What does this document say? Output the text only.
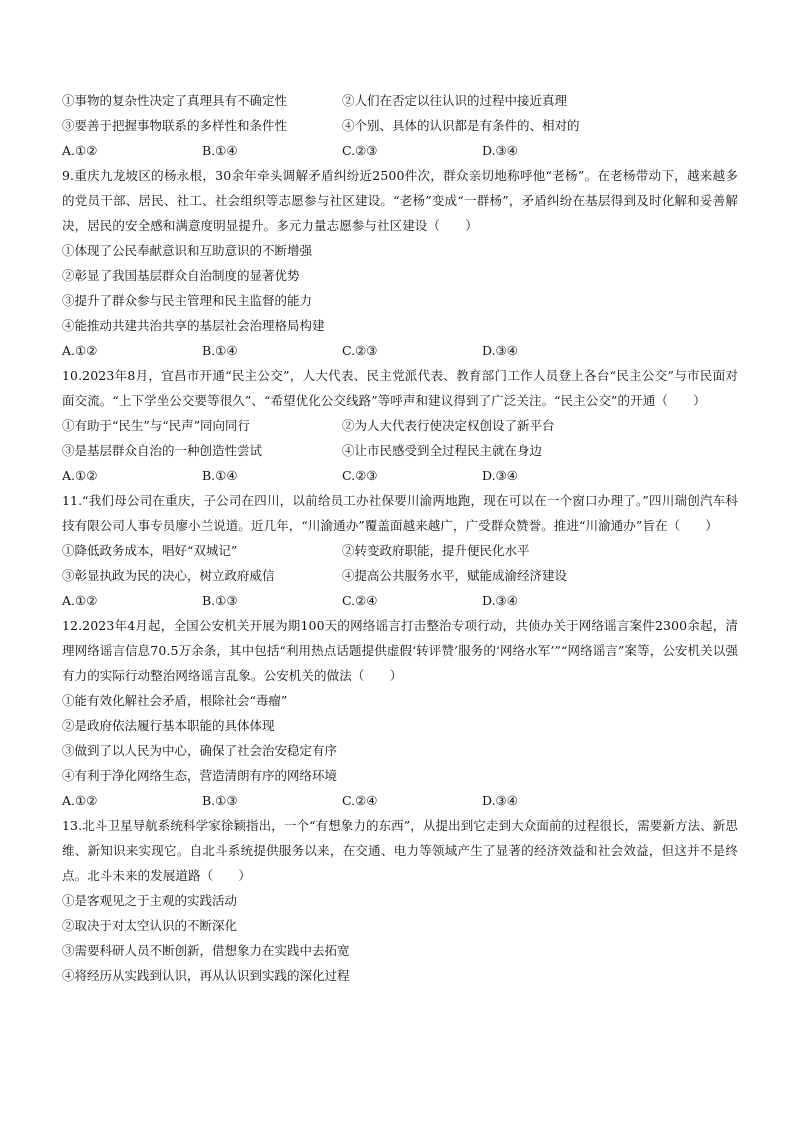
①事物的复杂性决定了真理具有不确定性	②人们在否定以往认识的过程中接近真理
③要善于把握事物联系的多样性和条件性	④个别、具体的认识都是有条件的、相对的
A.①②	B.①④	C.②③	D.③④
9.重庆九龙坡区的杨永根，30余年牵头调解矛盾纠纷近2500件次，群众亲切地称呼他“老杨”。在老杨带动下，越来越多的党员干部、居民、社工、社会组织等志愿参与社区建设。“老杨”变成“一群杨”，矛盾纠纷在基层得到及时化解和妥善解决，居民的安全感和满意度明显提升。多元力量志愿参与社区建设（　　）
①体现了公民奉献意识和互助意识的不断增强
②彰显了我国基层群众自治制度的显著优势
③提升了群众参与民主管理和民主监督的能力
④能推动共建共治共享的基层社会治理格局构建
A.①②	B.①④	C.②③	D.③④
10.2023年8月，宜昌市开通“民主公交”，人大代表、民主党派代表、教育部门工作人员登上各台“民主公交”与市民面对面交流。“上下学坐公交要等很久”、“希望优化公交线路”等呼声和建议得到了广泛关注。“民主公交”的开通（　　）
①有助于“民生”与“民声”同向同行	②为人大代表行使决定权创设了新平台
③是基层群众自治的一种创造性尝试	④让市民感受到全过程民主就在身边
A.①②	B.①④	C.②③	D.③④
11.“我们母公司在重庆，子公司在四川，以前给员工办社保要川渝两地跑，现在可以在一个窗口办理了。”四川瑞创汽车科技有限公司人事专员廖小兰说道。近几年，“川渝通办”覆盖面越来越广，广受群众赞誉。推进“川渝通办”旨在（　　）
①降低政务成本，唱好“双城记”	②转变政府职能，提升便民化水平
③彰显执政为民的决心，树立政府威信	④提高公共服务水平，赋能成渝经济建设
A.①②	B.①③	C.②④	D.③④
12.2023年4月起，全国公安机关开展为期100天的网络谣言打击整治专项行动，共侦办关于网络谣言案件2300余起，清理网络谣言信息70.5万余条，其中包括“利用热点话题提供虚假‘转评赞’服务的‘网络水军’”“网络谣言”案等，公安机关以强有力的实际行动整治网络谣言乱象。公安机关的做法（　　）
①能有效化解社会矛盾，根除社会“毒瘤”
②是政府依法履行基本职能的具体体现
③做到了以人民为中心，确保了社会治安稳定有序
④有利于净化网络生态，营造清朗有序的网络环境
A.①②	B.①③	C.②④	D.③④
13.北斗卫星导航系统科学家徐颖指出，一个“有想象力的东西”，从提出到它走到大众面前的过程很长，需要新方法、新思维、新知识来实现它。自北斗系统提供服务以来，在交通、电力等领域产生了显著的经济效益和社会效益，但这并不是终点。北斗未来的发展道路（　　）
①是客观见之于主观的实践活动
②取决于对太空认识的不断深化
③需要科研人员不断创新，借想象力在实践中去拓宽
④将经历从实践到认识，再从认识到实践的深化过程
